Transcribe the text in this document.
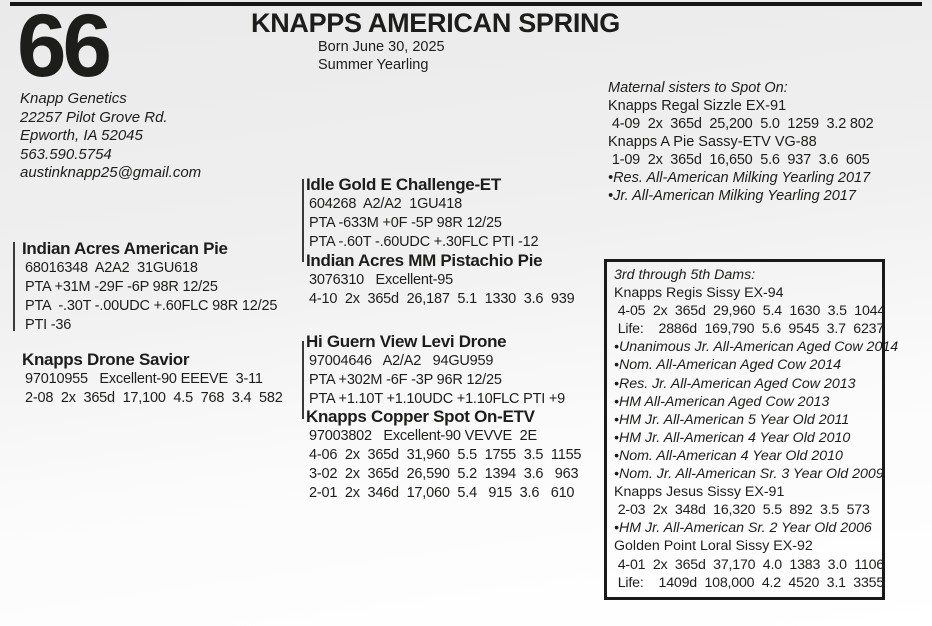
66	KNAPPS AMERICAN SPRING
Born June 30, 2025
Summer Yearling
Knapp Genetics
22257 Pilot Grove Rd.
Epworth, IA 52045
563.590.5754
austinknapp25@gmail.com
Indian Acres American Pie
68016348  A2A2  31GU618
PTA +31M -29F -6P 98R 12/25
PTA  -.30T -.00UDC +.60FLC 98R 12/25
PTI -36
Knapps Drone Savior
97010955   Excellent-90 EEEVE  3-11
2-08  2x  365d  17,100  4.5  768  3.4  582
Idle Gold E Challenge-ET
604268  A2/A2  1GU418
PTA -633M +0F -5P 98R 12/25
PTA -.60T -.60UDC +.30FLC PTI -12
Indian Acres MM Pistachio Pie
3076310   Excellent-95
4-10  2x  365d  26,187  5.1  1330  3.6  939
Hi Guern View Levi Drone
97004646   A2/A2   94GU959
PTA +302M -6F -3P 96R 12/25
PTA +1.10T +1.10UDC +1.10FLC PTI +9
Knapps Copper Spot On-ETV
97003802   Excellent-90 VEVVE  2E
4-06  2x  365d  31,960  5.5  1755  3.5  1155
3-02  2x  365d  26,590  5.2  1394  3.6   963
2-01  2x  346d  17,060  5.4   915  3.6   610
Maternal sisters to Spot On:
Knapps Regal Sizzle EX-91
4-09  2x  365d  25,200  5.0  1259  3.2 802
Knapps A Pie Sassy-ETV VG-88
1-09  2x  365d  16,650  5.6  937  3.6  605
•Res. All-American Milking Yearling 2017
•Jr. All-American Milking Yearling 2017
3rd through 5th Dams:
Knapps Regis Sissy EX-94
4-05  2x  365d  29,960  5.4  1630  3.5  1044
Life:    2886d  169,790  5.6  9545  3.7  6237
•Unanimous Jr. All-American Aged Cow 2014
•Nom. All-American Aged Cow 2014
•Res. Jr. All-American Aged Cow 2013
•HM All-American Aged Cow 2013
•HM Jr. All-American 5 Year Old 2011
•HM Jr. All-American 4 Year Old 2010
•Nom. All-American 4 Year Old 2010
•Nom. Jr. All-American Sr. 3 Year Old 2009
Knapps Jesus Sissy EX-91
2-03  2x  348d  16,320  5.5  892  3.5  573
•HM Jr. All-American Sr. 2 Year Old 2006
Golden Point Loral Sissy EX-92
4-01  2x  365d  37,170  4.0  1383  3.0  1106
Life:    1409d  108,000  4.2  4520  3.1  3355
